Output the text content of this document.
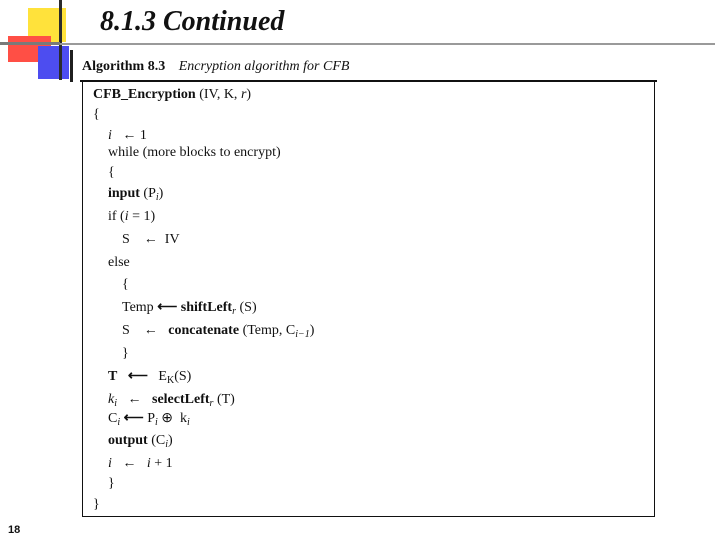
8.1.3 Continued
Algorithm 8.3 Encryption algorithm for CFB
CFB_Encryption (IV, K, r)
{
i ← 1
while (more blocks to encrypt)
{
input $(P_i)$
if (i = 1)
S ← IV
else
{
Temp ⟵ shiftLeft$_r$ (S)
S ← concatenate (Temp, $C_{i-1}$)
}
T ⟵ $E_K(S)$
$k_i$ ← selectLeft$_r$ (T)
$C_i$ ⟵ $P_i$ ⊕ $k_i$
output $(C_i)$
i ← i + 1
}
}
18
